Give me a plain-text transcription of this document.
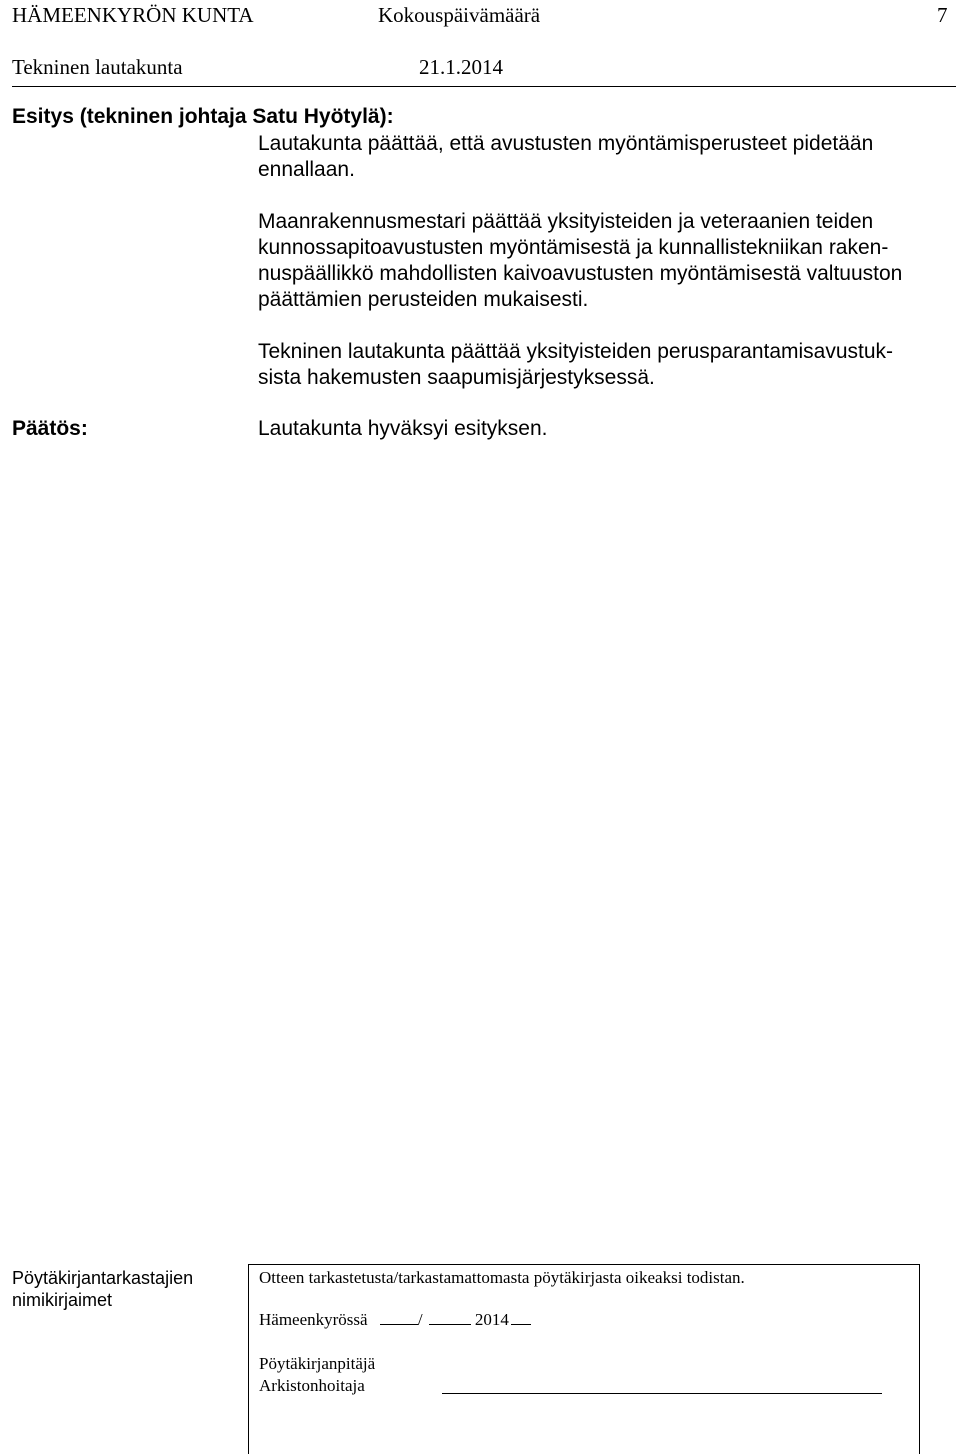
HÄMEENKYRÖN KUNTA	Kokouspäivämäärä	7
Tekninen lautakunta	21.1.2014
Esitys (tekninen johtaja Satu Hyötylä):

Lautakunta päättää, että avustusten myöntämisperusteet pidetään
ennallaan.

Maanrakennusmestari päättää yksityisteiden ja veteraanien teiden
kunnossapitoavustusten myöntämisestä ja kunnallistekniikan raken-
nuspäällikkö mahdollisten kaivoavustusten myöntämisestä valtuuston
päättämien perusteiden mukaisesti.

Tekninen lautakunta päättää yksityisteiden perusparantamisavustuk-
sista hakemusten saapumisjärjestyksessä.

Päätös:	Lautakunta hyväksyi esityksen.
Pöytäkirjantarkastajien
nimikirjaimet
Otteen tarkastetusta/tarkastamattomasta pöytäkirjasta oikeaksi todistan.
Hämeenkyrössä	/	2014
Pöytäkirjanpitäjä
Arkistonhoitaja
